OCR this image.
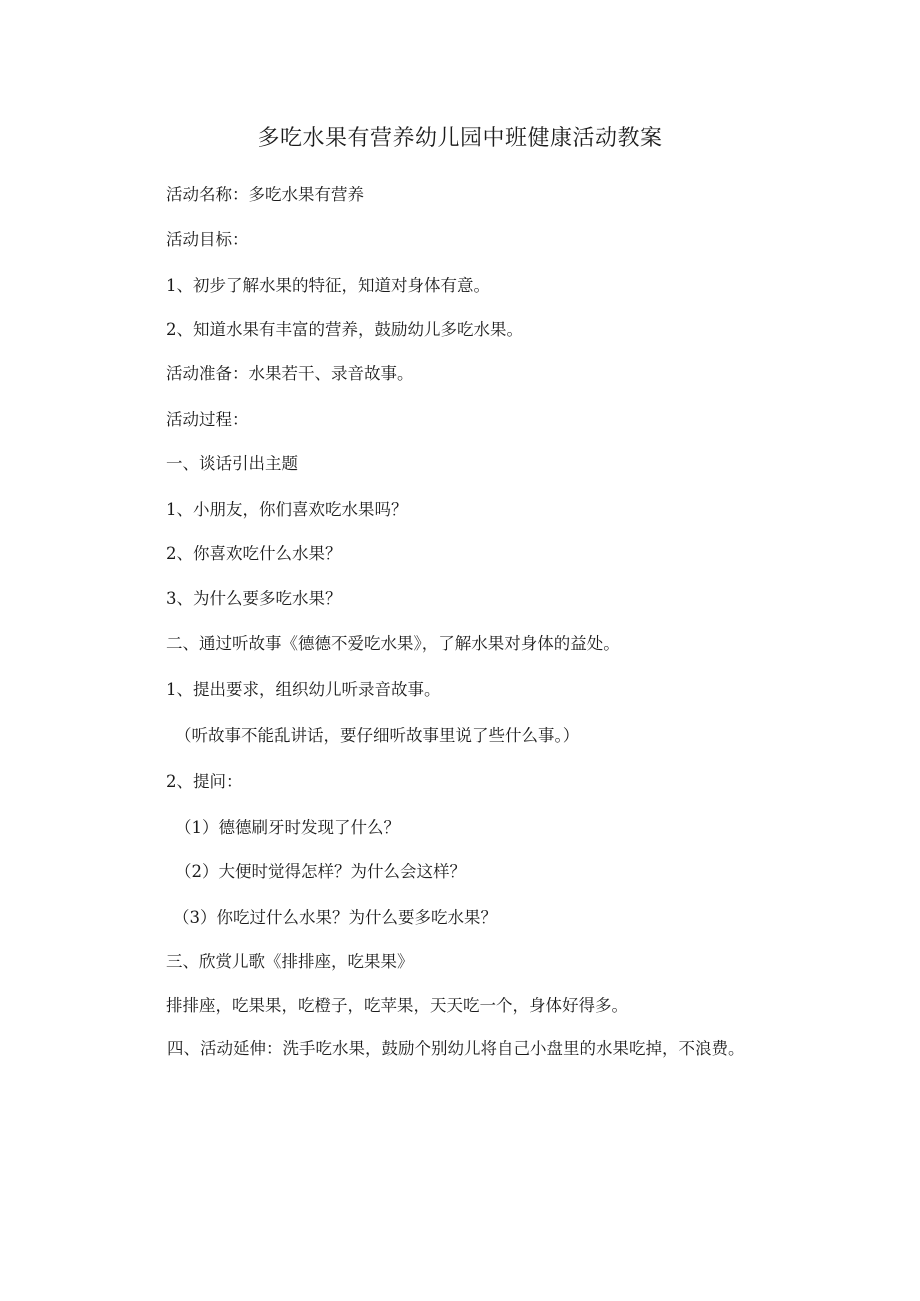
多吃水果有营养幼儿园中班健康活动教案
活动名称：多吃水果有营养
活动目标：
1、初步了解水果的特征，知道对身体有意。
2、知道水果有丰富的营养，鼓励幼儿多吃水果。
活动准备：水果若干、录音故事。
活动过程：
一、谈话引出主题
1、小朋友，你们喜欢吃水果吗？
2、你喜欢吃什么水果？
3、为什么要多吃水果？
二、通过听故事《德德不爱吃水果》，了解水果对身体的益处。
1、提出要求，组织幼儿听录音故事。
（听故事不能乱讲话，要仔细听故事里说了些什么事。）
2、提问：
（1）德德刷牙时发现了什么？
（2）大便时觉得怎样？为什么会这样？
（3）你吃过什么水果？为什么要多吃水果？
三、欣赏儿歌《排排座，吃果果》
排排座，吃果果，吃橙子，吃苹果，天天吃一个，身体好得多。
四、活动延伸：洗手吃水果，鼓励个别幼儿将自己小盘里的水果吃掉，不浪费。
